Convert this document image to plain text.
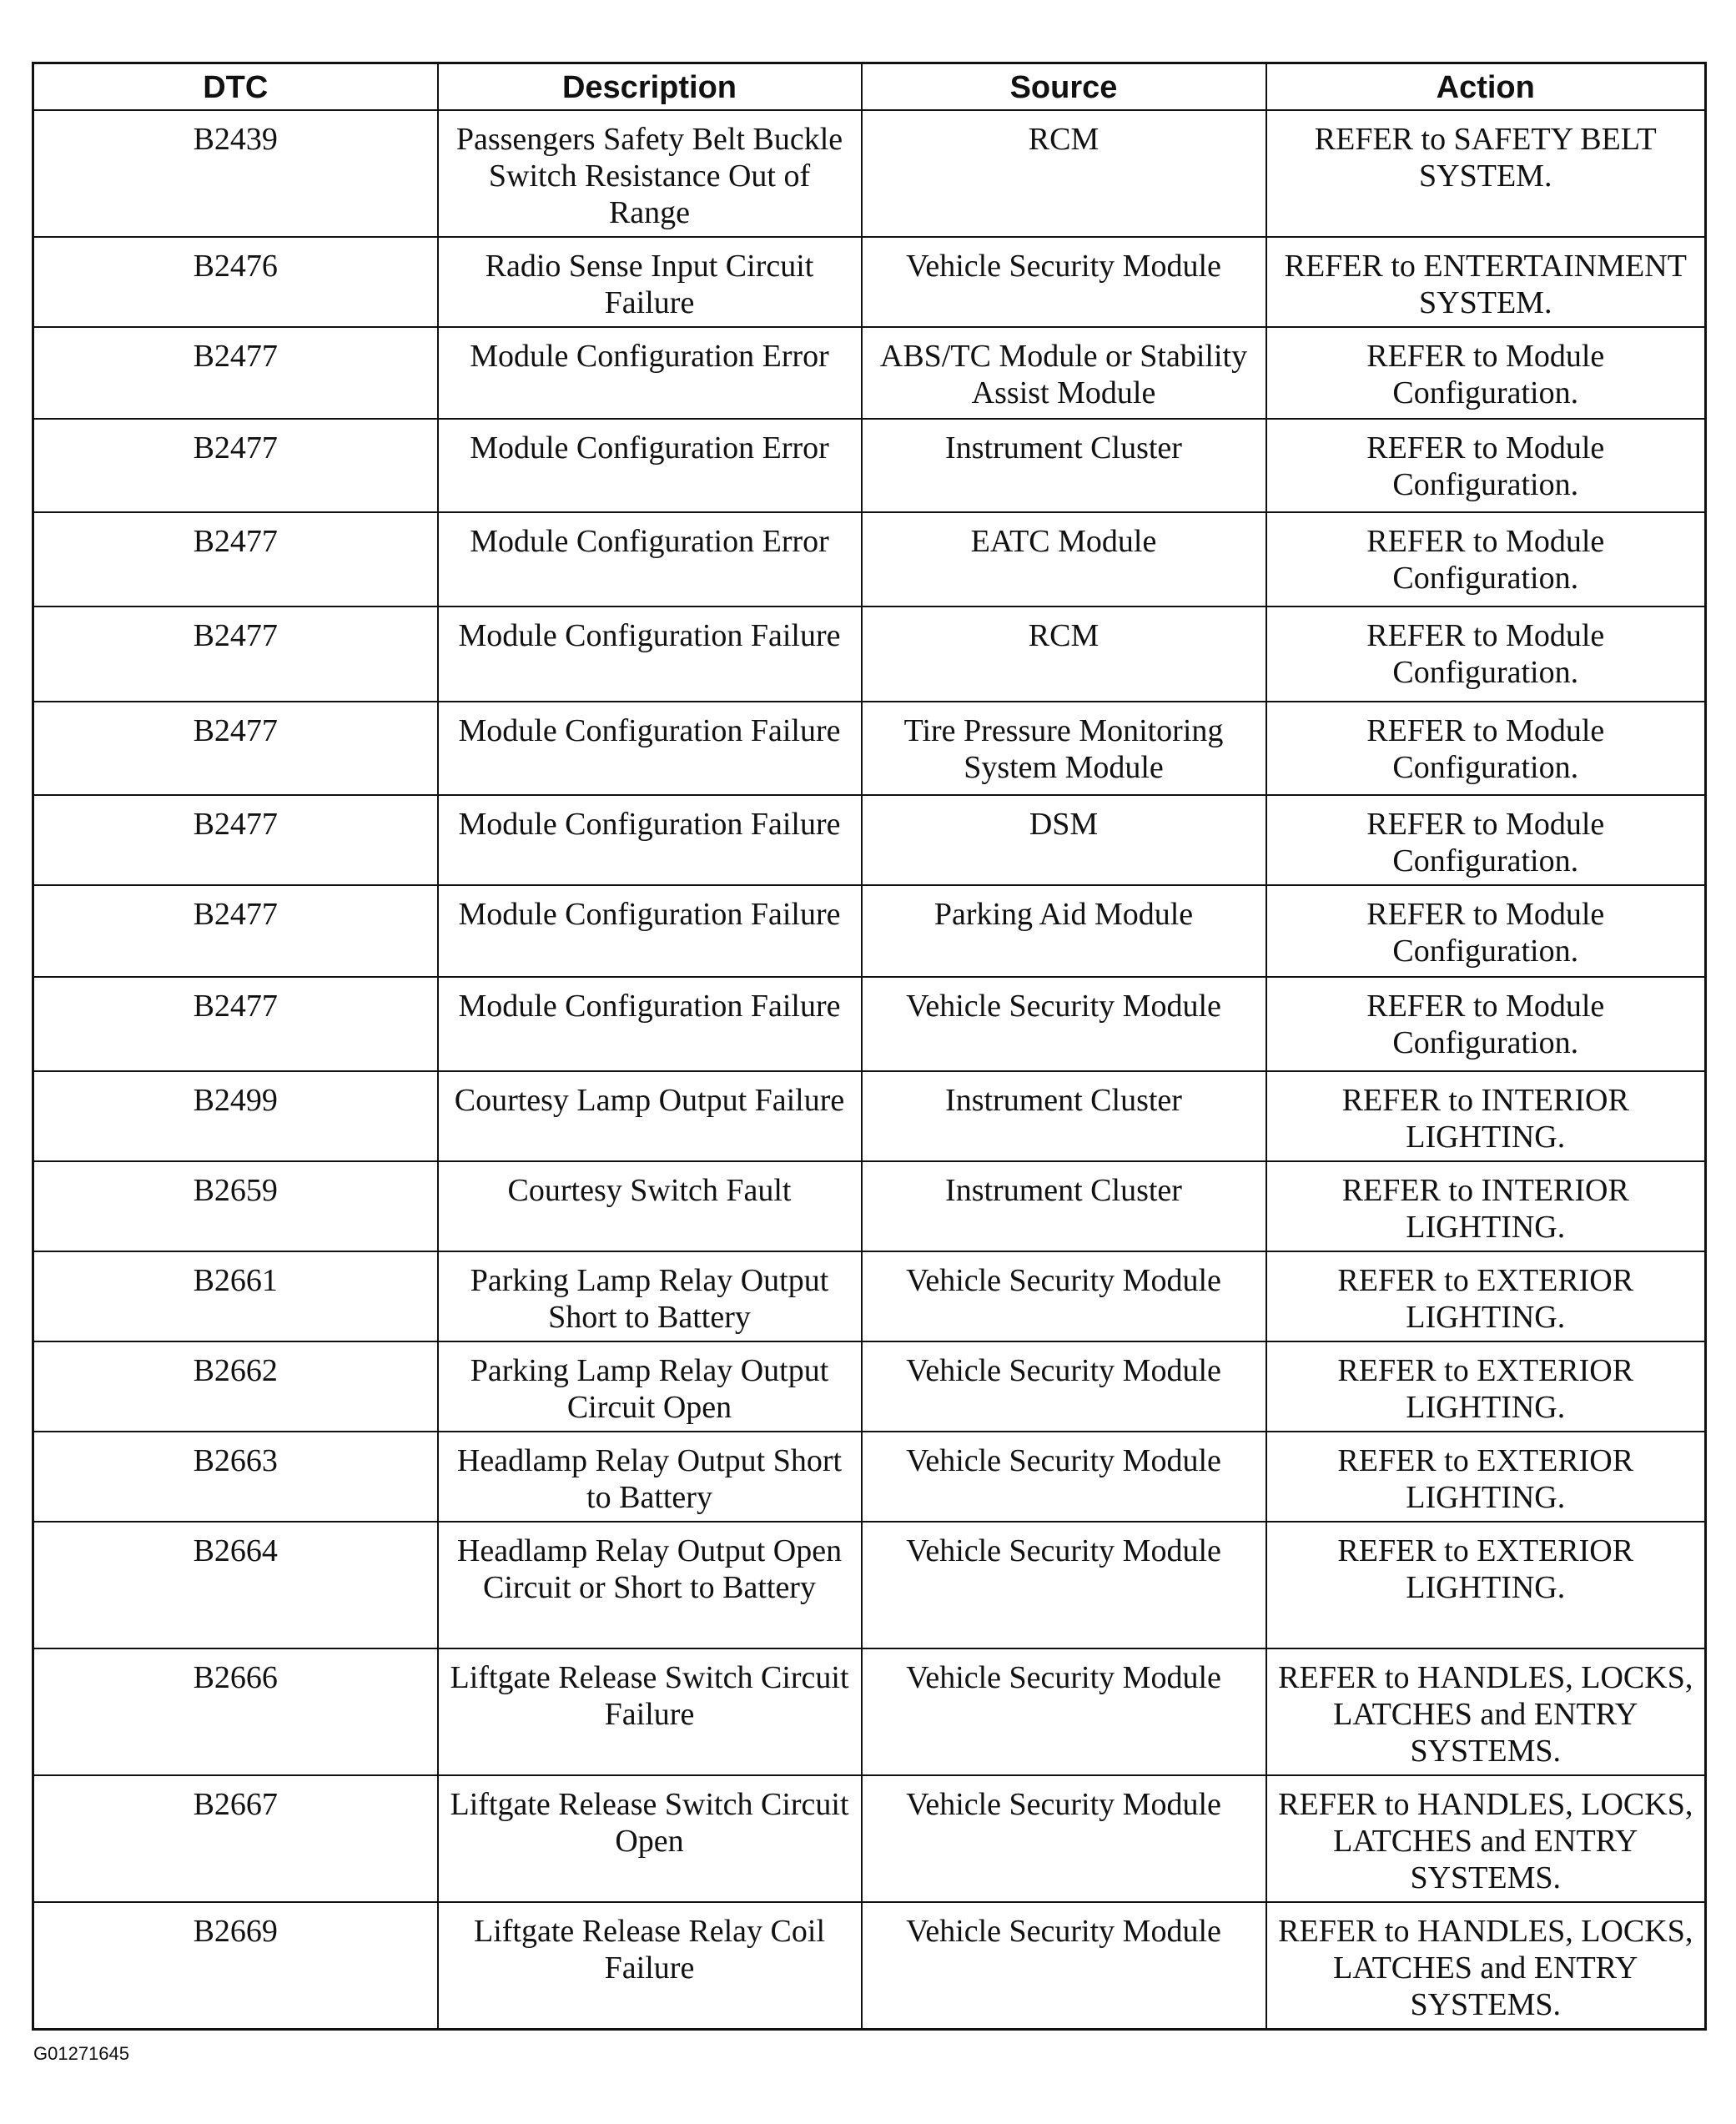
DTC	Description	Source	Action
B2439	Passengers Safety Belt Buckle Switch Resistance Out of Range	RCM	REFER to SAFETY BELT SYSTEM.
B2476	Radio Sense Input Circuit Failure	Vehicle Security Module	REFER to ENTERTAINMENT SYSTEM.
B2477	Module Configuration Error	ABS/TC Module or Stability Assist Module	REFER to Module Configuration.
B2477	Module Configuration Error	Instrument Cluster	REFER to Module Configuration.
B2477	Module Configuration Error	EATC Module	REFER to Module Configuration.
B2477	Module Configuration Failure	RCM	REFER to Module Configuration.
B2477	Module Configuration Failure	Tire Pressure Monitoring System Module	REFER to Module Configuration.
B2477	Module Configuration Failure	DSM	REFER to Module Configuration.
B2477	Module Configuration Failure	Parking Aid Module	REFER to Module Configuration.
B2477	Module Configuration Failure	Vehicle Security Module	REFER to Module Configuration.
B2499	Courtesy Lamp Output Failure	Instrument Cluster	REFER to INTERIOR LIGHTING.
B2659	Courtesy Switch Fault	Instrument Cluster	REFER to INTERIOR LIGHTING.
B2661	Parking Lamp Relay Output Short to Battery	Vehicle Security Module	REFER to EXTERIOR LIGHTING.
B2662	Parking Lamp Relay Output Circuit Open	Vehicle Security Module	REFER to EXTERIOR LIGHTING.
B2663	Headlamp Relay Output Short to Battery	Vehicle Security Module	REFER to EXTERIOR LIGHTING.
B2664	Headlamp Relay Output Open Circuit or Short to Battery	Vehicle Security Module	REFER to EXTERIOR LIGHTING.
B2666	Liftgate Release Switch Circuit Failure	Vehicle Security Module	REFER to HANDLES, LOCKS, LATCHES and ENTRY SYSTEMS.
B2667	Liftgate Release Switch Circuit Open	Vehicle Security Module	REFER to HANDLES, LOCKS, LATCHES and ENTRY SYSTEMS.
B2669	Liftgate Release Relay Coil Failure	Vehicle Security Module	REFER to HANDLES, LOCKS, LATCHES and ENTRY SYSTEMS.
G01271645
